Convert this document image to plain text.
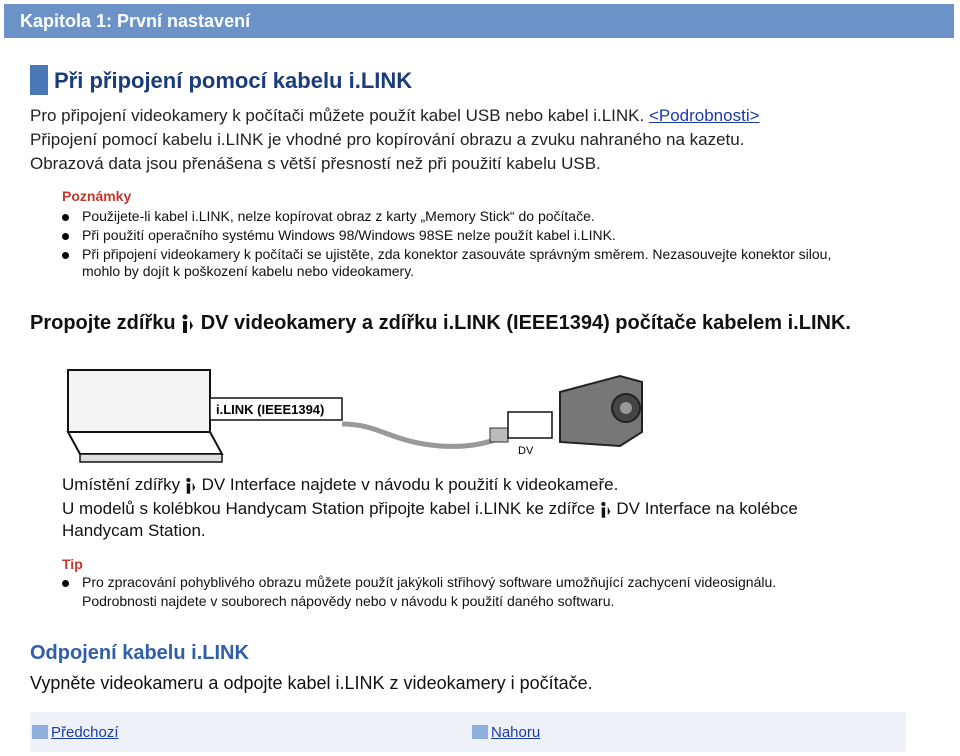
Kapitola 1: První nastavení
Při připojení pomocí kabelu i.LINK
Pro připojení videokamery k počítači můžete použít kabel USB nebo kabel i.LINK. <Podrobnosti>
Připojení pomocí kabelu i.LINK je vhodné pro kopírování obrazu a zvuku nahraného na kazetu.
Obrazová data jsou přenášena s větší přesností než při použití kabelu USB.
Poznámky
Použijete-li kabel i.LINK, nelze kopírovat obraz z karty „Memory Stick“ do počítače.
Při použití operačního systému Windows 98/Windows 98SE nelze použít kabel i.LINK.
Při připojení videokamery k počítači se ujistěte, zda konektor zasouváte správným směrem. Nezasouvejte konektor silou,
mohlo by dojít k poškození kabelu nebo videokamery.
Propojte zdířku DV videokamery a zdířku i.LINK (IEEE1394) počítače kabelem i.LINK.
i.LINK (IEEE1394)
DV
Umístění zdířky DV Interface najdete v návodu k použití k videokameře.
U modelů s kolébkou Handycam Station připojte kabel i.LINK ke zdířce DV Interface na kolébce
Handycam Station.
Tip
Pro zpracování pohyblivého obrazu můžete použít jakýkoli střihový software umožňující zachycení videosignálu.
Podrobnosti najdete v souborech nápovědy nebo v návodu k použití daného softwaru.
Odpojení kabelu i.LINK
Vypněte videokameru a odpojte kabel i.LINK z videokamery i počítače.
Předchozí	Nahoru
